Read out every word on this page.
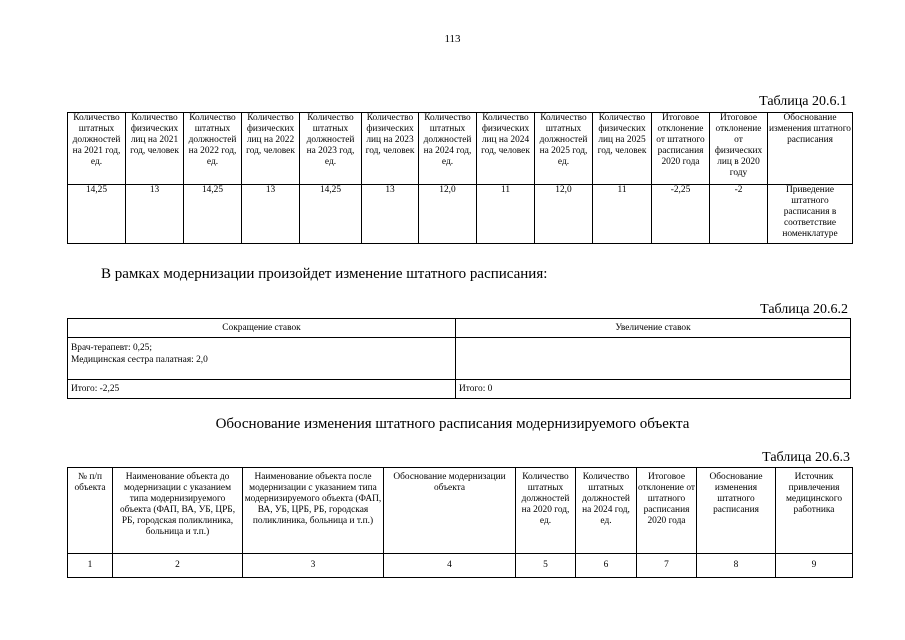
113
Таблица 20.6.1
Количество штатных должностей на 2021 год, ед.	Количество физических лиц на 2021 год, человек	Количество штатных должностей на 2022 год, ед.	Количество физических лиц на 2022 год, человек	Количество штатных должностей на 2023 год, ед.	Количество физических лиц на 2023 год, человек	Количество штатных должностей на 2024 год, ед.	Количество физических лиц на 2024 год, человек	Количество штатных должностей на 2025 год, ед.	Количество физических лиц на 2025 год, человек	Итоговое отклонение от штатного расписания 2020 года	Итоговое отклонение от физических лиц в 2020 году	Обоснование изменения штатного расписания
14,25	13	14,25	13	14,25	13	12,0	11	12,0	11	-2,25	-2	Приведение штатного расписания в соответствие номенклатуре
В рамках модернизации произойдет изменение штатного расписания:
Таблица 20.6.2
Сокращение ставок	Увеличение ставок

Врач-терапевт: 0,25;
Медицинская сестра палатная: 2,0	

Итого: -2,25	Итого: 0
Обоснование изменения штатного расписания модернизируемого объекта
Таблица 20.6.3
№ п/п объекта	Наименование объекта до модернизации с указанием типа модернизируемого объекта (ФАП, ВА, УБ, ЦРБ, РБ, городская поликлиника, больница и т.п.)	Наименование объекта после модернизации с указанием типа модернизируемого объекта (ФАП, ВА, УБ, ЦРБ, РБ, городская поликлиника, больница и т.п.)	Обоснование модернизации объекта	Количество штатных должностей на 2020 год, ед.	Количество штатных должностей на 2024 год, ед.	Итоговое отклонение от штатного расписания 2020 года	Обоснование изменения штатного расписания	Источник привлечения медицинского работника
1	2	3	4	5	6	7	8	9
